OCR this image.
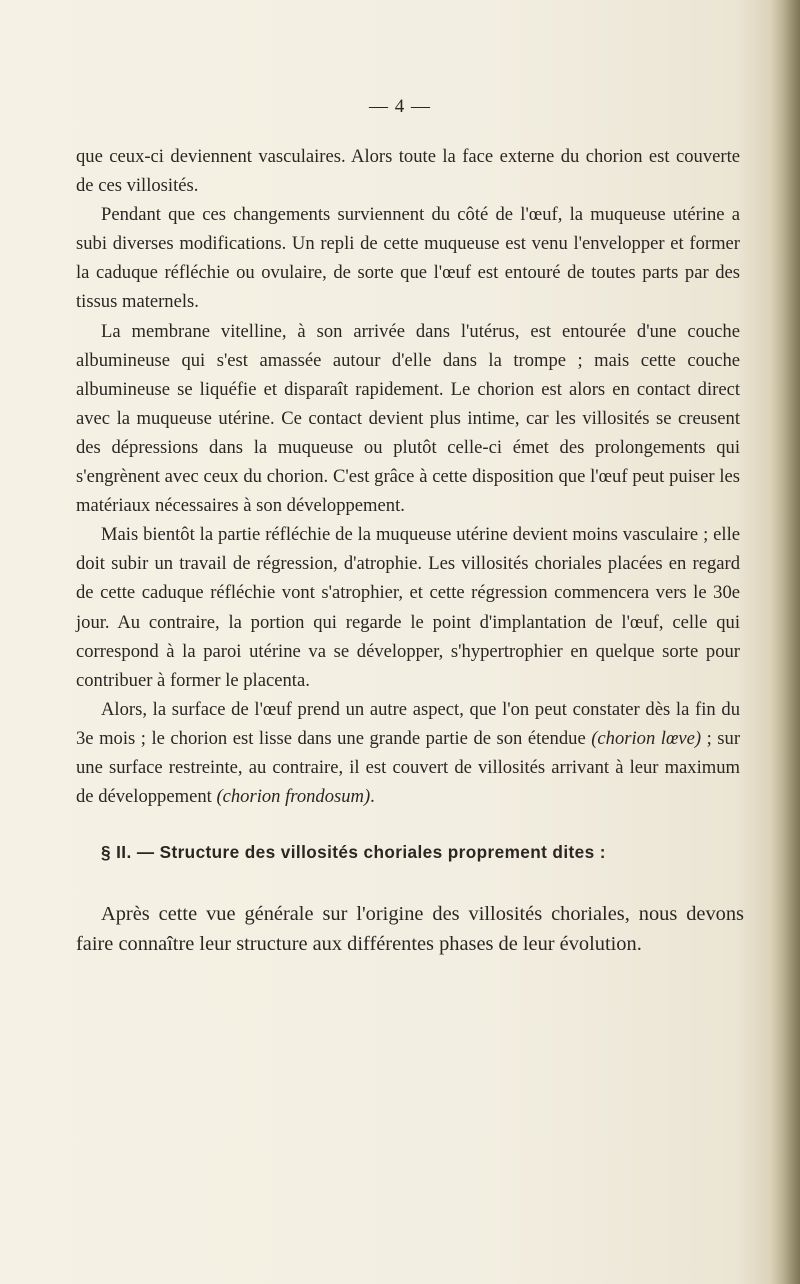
— 4 —

que ceux-ci deviennent vasculaires. Alors toute la face externe du chorion est couverte de ces villosités.

Pendant que ces changements surviennent du côté de l'œuf, la muqueuse utérine a subi diverses modifications. Un repli de cette muqueuse est venu l'envelopper et former la caduque réfléchie ou ovulaire, de sorte que l'œuf est entouré de toutes parts par des tissus maternels.

La membrane vitelline, à son arrivée dans l'utérus, est entourée d'une couche albumineuse qui s'est amassée autour d'elle dans la trompe ; mais cette couche albumineuse se liquéfie et disparaît rapidement. Le chorion est alors en contact direct avec la muqueuse utérine. Ce contact devient plus intime, car les villosités se creusent des dépressions dans la muqueuse ou plutôt celle-ci émet des prolongements qui s'engrènent avec ceux du chorion. C'est grâce à cette disposition que l'œuf peut puiser les matériaux nécessaires à son développement.

Mais bientôt la partie réfléchie de la muqueuse utérine devient moins vasculaire ; elle doit subir un travail de régression, d'atrophie. Les villosités choriales placées en regard de cette caduque réfléchie vont s'atrophier, et cette régression commencera vers le 30e jour. Au contraire, la portion qui regarde le point d'implantation de l'œuf, celle qui correspond à la paroi utérine va se développer, s'hypertrophier en quelque sorte pour contribuer à former le placenta.

Alors, la surface de l'œuf prend un autre aspect, que l'on peut constater dès la fin du 3e mois ; le chorion est lisse dans une grande partie de son étendue (chorion lœve) ; sur une surface restreinte, au contraire, il est couvert de villosités arrivant à leur maximum de développement (chorion frondosum).

§ II. — Structure des villosités choriales proprement dites :

Après cette vue générale sur l'origine des villosités choriales, nous devons faire connaître leur structure aux différentes phases de leur évolution.
